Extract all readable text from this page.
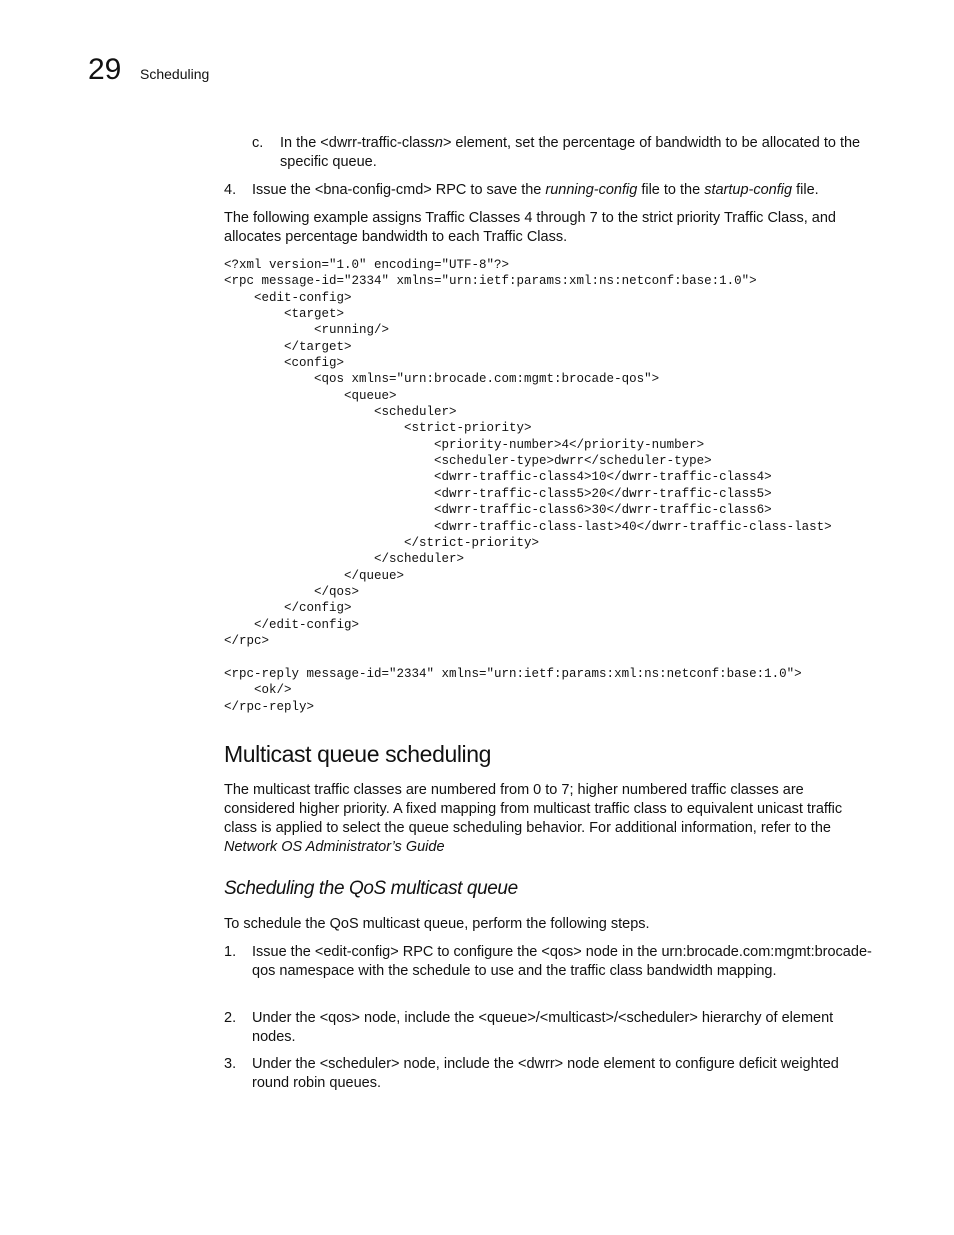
29 Scheduling
c. In the <dwrr-traffic-classn> element, set the percentage of bandwidth to be allocated to the specific queue.
4. Issue the <bna-config-cmd> RPC to save the running-config file to the startup-config file.
The following example assigns Traffic Classes 4 through 7 to the strict priority Traffic Class, and allocates percentage bandwidth to each Traffic Class.
<?xml version="1.0" encoding="UTF-8"?>
<rpc message-id="2334" xmlns="urn:ietf:params:xml:ns:netconf:base:1.0">
<edit-config>
<target>
<running/>
</target>
<config>
<qos xmlns="urn:brocade.com:mgmt:brocade-qos">
<queue>
<scheduler>
<strict-priority>
<priority-number>4</priority-number>
<scheduler-type>dwrr</scheduler-type>
<dwrr-traffic-class4>10</dwrr-traffic-class4>
<dwrr-traffic-class5>20</dwrr-traffic-class5>
<dwrr-traffic-class6>30</dwrr-traffic-class6>
<dwrr-traffic-class-last>40</dwrr-traffic-class-last>
</strict-priority>
</scheduler>
</queue>
</qos>
</config>
</edit-config>
</rpc>
<rpc-reply message-id="2334" xmlns="urn:ietf:params:xml:ns:netconf:base:1.0">
<ok/>
</rpc-reply>
Multicast queue scheduling
The multicast traffic classes are numbered from 0 to 7; higher numbered traffic classes are considered higher priority. A fixed mapping from multicast traffic class to equivalent unicast traffic class is applied to select the queue scheduling behavior. For additional information, refer to the Network OS Administrator’s Guide
Scheduling the QoS multicast queue
To schedule the QoS multicast queue, perform the following steps.
1. Issue the <edit-config> RPC to configure the <qos> node in the urn:brocade.com:mgmt:brocade-qos namespace with the schedule to use and the traffic class bandwidth mapping.
2. Under the <qos> node, include the <queue>/<multicast>/<scheduler> hierarchy of element nodes.
3. Under the <scheduler> node, include the <dwrr> node element to configure deficit weighted round robin queues.
